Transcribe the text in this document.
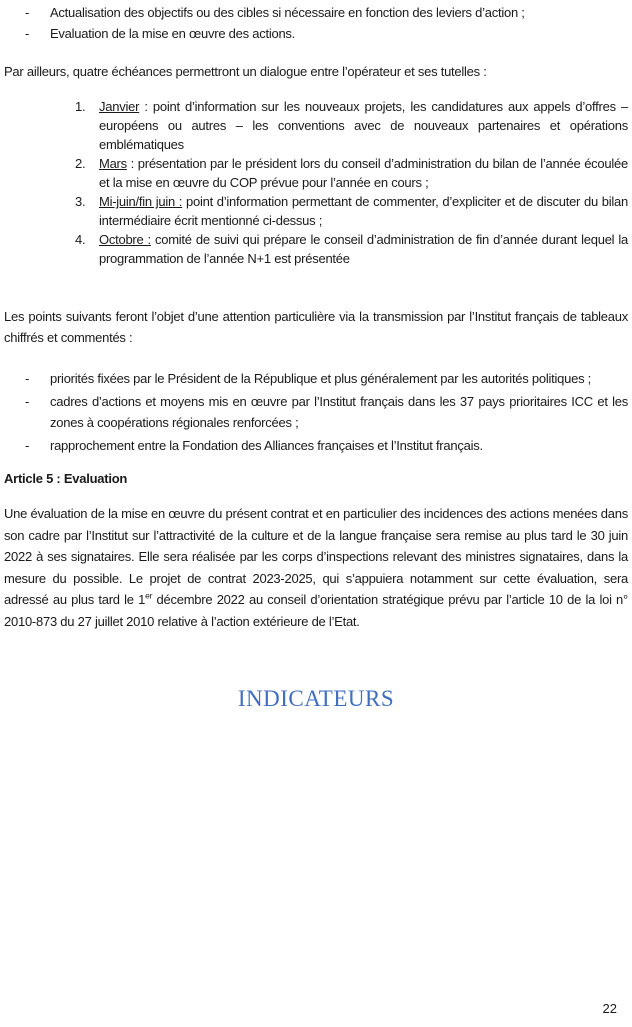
- Actualisation des objectifs ou des cibles si nécessaire en fonction des leviers d’action ;
- Evaluation de la mise en œuvre des actions.

Par ailleurs, quatre échéances permettront un dialogue entre l’opérateur et ses tutelles :

1. Janvier : point d’information sur les nouveaux projets, les candidatures aux appels d’offres – européens ou autres – les conventions avec de nouveaux partenaires et opérations emblématiques
2. Mars : présentation par le président lors du conseil d’administration du bilan de l’année écoulée et la mise en œuvre du COP prévue pour l’année en cours ;
3. Mi-juin/fin juin : point d’information permettant de commenter, d’expliciter et de discuter du bilan intermédiaire écrit mentionné ci-dessus ;
4. Octobre : comité de suivi qui prépare le conseil d’administration de fin d’année durant lequel la programmation de l’année N+1 est présentée

Les points suivants feront l’objet d’une attention particulière via la transmission par l’Institut français de tableaux chiffrés et commentés :

- priorités fixées par le Président de la République et plus généralement par les autorités politiques ;
- cadres d’actions et moyens mis en œuvre par l’Institut français dans les 37 pays prioritaires ICC et les zones à coopérations régionales renforcées ;
- rapprochement entre la Fondation des Alliances françaises et l’Institut français.
Article 5 : Evaluation

Une évaluation de la mise en œuvre du présent contrat et en particulier des incidences des actions menées dans son cadre par l’Institut sur l’attractivité de la culture et de la langue française sera remise au plus tard le 30 juin 2022 à ses signataires. Elle sera réalisée par les corps d’inspections relevant des ministres signataires, dans la mesure du possible. Le projet de contrat 2023-2025, qui s’appuiera notamment sur cette évaluation, sera adressé au plus tard le 1er décembre 2022 au conseil d’orientation stratégique prévu par l’article 10 de la loi n° 2010-873 du 27 juillet 2010 relative à l’action extérieure de l’Etat.

INDICATEURS
22
